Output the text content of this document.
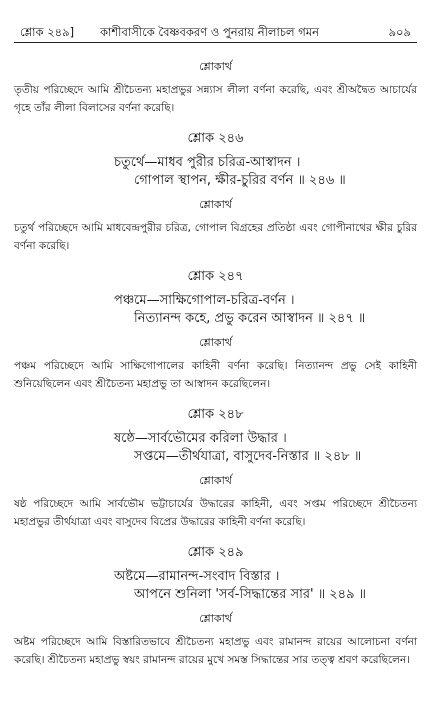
শ্লোক ২৪৯] কাশীবাসীকে বৈষ্ণবকরণ ও পুনরায় নীলাচল গমন	৯০৯
শ্লোকার্থ

তৃতীয় পরিচ্ছেদে আমি শ্রীচৈতন্য মহাপ্রভুর সন্ন্যাস লীলা বর্ণনা করেছি, এবং শ্রীঅদ্বৈত আচার্যের গৃহে তাঁর লীলা বিলাসের বর্ণনা করেছি।

শ্লোক ২৪৬

চতুর্থে—মাধব পুরীর চরিত্র-আস্বাদন ।

গোপাল স্থাপন, ক্ষীর-চুরির বর্ণন ॥ ২৪৬ ॥

শ্লোকার্থ

চতুর্থ পরিচ্ছেদে আমি মাধবেন্দ্রপুরীর চরিত্র, গোপাল বিগ্রহের প্রতিষ্ঠা এবং গোপীনাথের ক্ষীর চুরির বর্ণনা করেছি।

শ্লোক ২৪৭

পঞ্চমে—সাক্ষিগোপাল-চরিত্র-বর্ণন ।

নিত্যানন্দ কহে, প্রভু করেন আস্বাদন ॥ ২৪৭ ॥

শ্লোকার্থ

পঞ্চম পরিচ্ছেদে আমি সাক্ষিগোপালের কাহিনী বর্ণনা করেছি। নিত্যানন্দ প্রভু সেই কাহিনী শুনিয়েছিলেন এবং শ্রীচৈতন্য মহাপ্রভু তা আস্বাদন করেছিলেন।

শ্লোক ২৪৮

ষষ্ঠে—সার্বভৌমের করিলা উদ্ধার ।

সপ্তমে—তীর্থযাত্রা, বাসুদেব-নিস্তার ॥ ২৪৮ ॥

শ্লোকার্থ

ষষ্ঠ পরিচ্ছেদে আমি সার্বভৌম ভট্টাচার্যের উদ্ধারের কাহিনী, এবং সপ্তম পরিচ্ছেদে শ্রীচৈতন্য মহাপ্রভুর তীর্থযাত্রা এবং বাসুদেব বিপ্রের উদ্ধারের কাহিনী বর্ণনা করেছি।

শ্লোক ২৪৯

অষ্টমে—রামানন্দ-সংবাদ বিস্তার ।

আপনে শুনিলা 'সর্ব-সিদ্ধান্তের সার' ॥ ২৪৯ ॥

শ্লোকার্থ

অষ্টম পরিচ্ছেদে আমি বিস্তারিতভাবে শ্রীচৈতন্য মহাপ্রভু এবং রামানন্দ রায়ের আলোচনা বর্ণনা করেছি। শ্রীচৈতন্য মহাপ্রভু স্বয়ং রামানন্দ রায়ের মুখে সমস্ত সিদ্ধান্তের সার তত্ত্ব শ্রবণ করেছিলেন।
